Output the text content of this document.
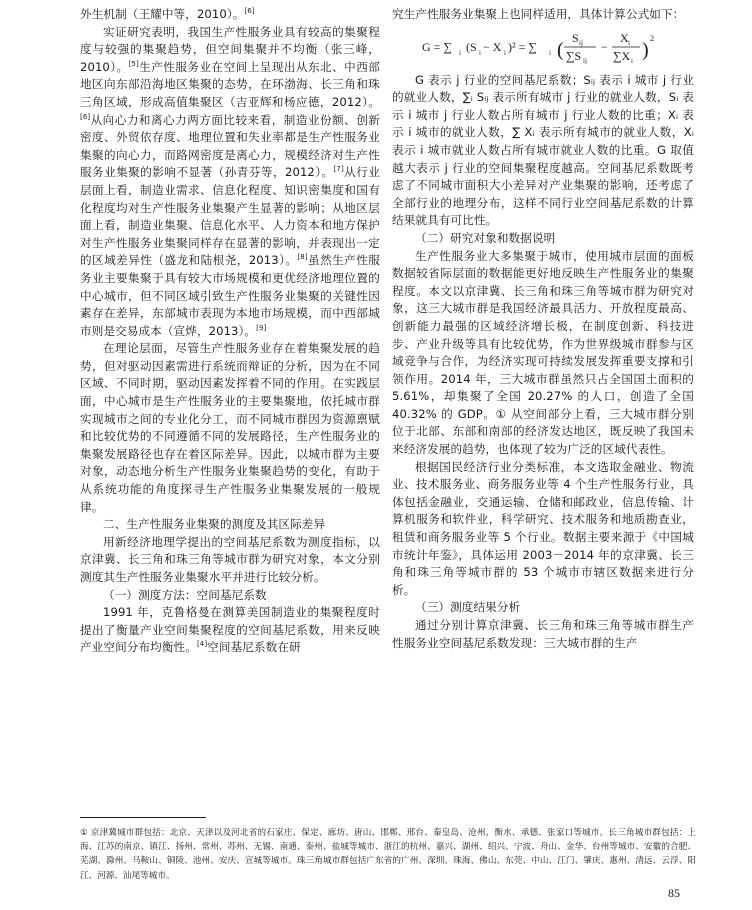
外生机制（王耀中等，2010）。[6]

实证研究表明，我国生产性服务业具有较高的集聚程度与较强的集聚趋势，但空间集聚并不均衡（张三峰，2010）。[5]生产性服务业在空间上呈现出从东北、中西部地区向东部沿海地区集聚的态势，在环渤海、长三角和珠三角区域，形成高值集聚区（吉亚辉和杨应德，2012）。[6]从向心力和离心力两方面比较来看，制造业份额、创新密度、外贸依存度、地理位置和失业率都是生产性服务业集聚的向心力，而路网密度是离心力，规模经济对生产性服务业集聚的影响不显著（孙青芬等，2012）。[7]从行业层面上看，制造业需求、信息化程度、知识密集度和国有化程度均对生产性服务业集聚产生显著的影响；从地区层面上看，制造业集聚、信息化水平、人力资本和地方保护对生产性服务业集聚同样存在显著的影响，并表现出一定的区域差异性（盛龙和陆根尧，2013）。[8]虽然生产性服务业主要集聚于具有较大市场规模和更优经济地理位置的中心城市，但不同区域引致生产性服务业集聚的关键性因素存在差异，东部城市表现为本地市场规模，而中西部城市则是交易成本（宣烨，2013）。[9]

在理论层面，尽管生产性服务业存在着集聚发展的趋势，但对驱动因素需进行系统而辩证的分析，因为在不同区域、不同时期，驱动因素发挥着不同的作用。在实践层面，中心城市是生产性服务业的主要集聚地，依托城市群实现城市之间的专业化分工，而不同城市群因为资源禀赋和比较优势的不同遵循不同的发展路径，生产性服务业的集聚发展路径也存在着区际差异。因此，以城市群为主要对象，动态地分析生产性服务业集聚趋势的变化，有助于从系统功能的角度探寻生产性服务业集聚发展的一般规律。

二、生产性服务业集聚的测度及其区际差异

用新经济地理学提出的空间基尼系数为测度指标，以京津冀、长三角和珠三角等城市群为研究对象，本文分别测度其生产性服务业集聚水平并进行比较分析。

（一）测度方法：空间基尼系数

1991 年，克鲁格曼在测算美国制造业的集聚程度时提出了衡量产业空间集聚程度的空间基尼系数，用来反映产业空间分布均衡性。[4]空间基尼系数在研

究生产性服务业集聚上也同样适用，具体计算公式如下：

G = ∑ i (S i − X i )² = ∑ i (
S ij
∑S ij
−
X i
∑X i )
2

G 表示 j 行业的空间基尼系数；Sᵢⱼ 表示 i 城市 j 行业的就业人数，∑ᵢ Sᵢⱼ 表示所有城市 j 行业的就业人数，Sᵢ 表示 i 城市 j 行业人数占所有城市 j 行业人数的比重；Xᵢ 表示 i 城市的就业人数，∑ Xᵢ 表示所有城市的就业人数，Xᵢ 表示 i 城市就业人数占所有城市就业人数的比重。G 取值越大表示 j 行业的空间集聚程度越高。空间基尼系数既考虑了不同城市面积大小差异对产业集聚的影响，还考虑了全部行业的地理分布，这样不同行业空间基尼系数的计算结果就具有可比性。

（二）研究对象和数据说明

生产性服务业大多集聚于城市，使用城市层面的面板数据较省际层面的数据能更好地反映生产性服务业的集聚程度。本文以京津冀、长三角和珠三角等城市群为研究对象，这三大城市群是我国经济最具活力、开放程度最高、创新能力最强的区域经济增长极，在制度创新、科技进步、产业升级等具有比较优势，作为世界级城市群参与区域竞争与合作，为经济实现可持续发展发挥重要支撑和引领作用。2014 年，三大城市群虽然只占全国国土面积的 5.61%，却集聚了全国 20.27% 的人口，创造了全国 40.32% 的 GDP。① 从空间部分上看，三大城市群分别位于北部、东部和南部的经济发达地区，既反映了我国未来经济发展的趋势，也体现了较为广泛的区域代表性。

根据国民经济行业分类标准，本文选取金融业、物流业、技术服务业、商务服务业等 4 个生产性服务行业，具体包括金融业，交通运输、仓储和邮政业，信息传输、计算机服务和软件业，科学研究、技术服务和地质勘查业，租赁和商务服务业等 5 个行业。数据主要来源于《中国城市统计年鉴》，具体运用 2003－2014 年的京津冀、长三角和珠三角等城市群的 53 个城市市辖区数据来进行分析。

（三）测度结果分析

通过分别计算京津冀、长三角和珠三角等城市群生产性服务业空间基尼系数发现：三大城市群的生产

① 京津冀城市群包括：北京、天津以及河北省的石家庄、保定、廊坊、唐山、邯郸、邢台、秦皇岛、沧州、衡水、承德、张家口等城市。长三角城市群包括：上海、江苏的南京、镇江、扬州、常州、苏州、无锡、南通、泰州、盐城等城市、浙江的杭州、嘉兴、湖州、绍兴、宁波、舟山、金华、台州等城市、安徽的合肥、芜湖、滁州、马鞍山、铜陵、池州、安庆、宣城等城市。珠三角城市群包括广东省的广州、深圳、珠海、佛山、东莞、中山、江门、肇庆、惠州、清远、云浮、阳江、河源、汕尾等城市。

85
